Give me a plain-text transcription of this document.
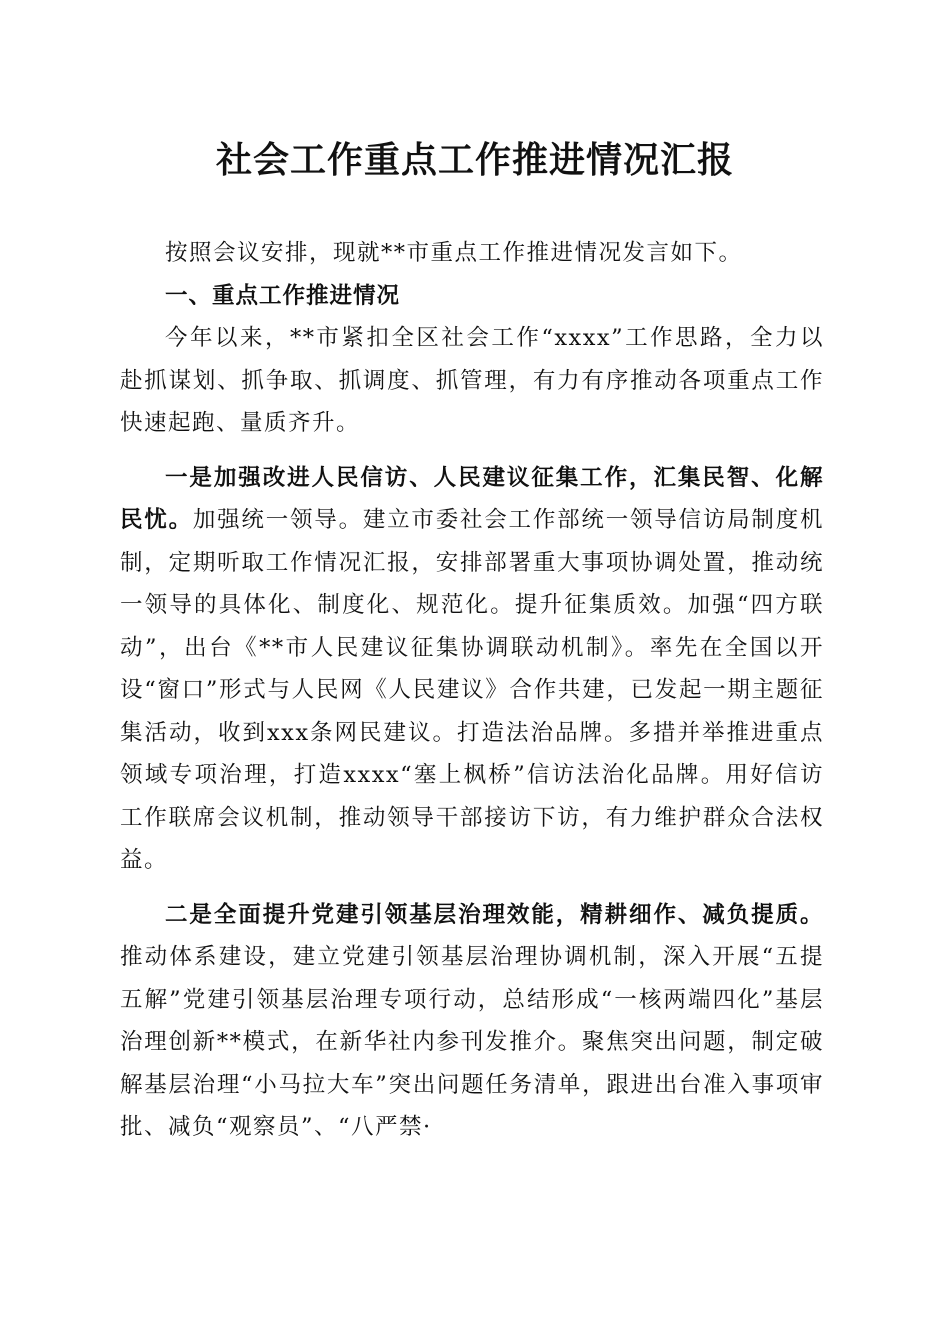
社会工作重点工作推进情况汇报

按照会议安排，现就**市重点工作推进情况发言如下。

一、重点工作推进情况

今年以来，**市紧扣全区社会工作“xxxx”工作思路，全力以赴抓谋划、抓争取、抓调度、抓管理，有力有序推动各项重点工作快速起跑、量质齐升。

一是加强改进人民信访、人民建议征集工作，汇集民智、化解民忧。加强统一领导。建立市委社会工作部统一领导信访局制度机制，定期听取工作情况汇报，安排部署重大事项协调处置，推动统一领导的具体化、制度化、规范化。提升征集质效。加强“四方联动”，出台《**市人民建议征集协调联动机制》。率先在全国以开设“窗口”形式与人民网《人民建议》合作共建，已发起一期主题征集活动，收到xxx条网民建议。打造法治品牌。多措并举推进重点领域专项治理，打造xxxx“塞上枫桥”信访法治化品牌。用好信访工作联席会议机制，推动领导干部接访下访，有力维护群众合法权益。

二是全面提升党建引领基层治理效能，精耕细作、减负提质。推动体系建设，建立党建引领基层治理协调机制，深入开展“五提五解”党建引领基层治理专项行动，总结形成“一核两端四化”基层治理创新**模式，在新华社内参刊发推介。聚焦突出问题，制定破解基层治理“小马拉大车”突出问题任务清单，跟进出台准入事项审批、减负“观察员”、“八严禁·
